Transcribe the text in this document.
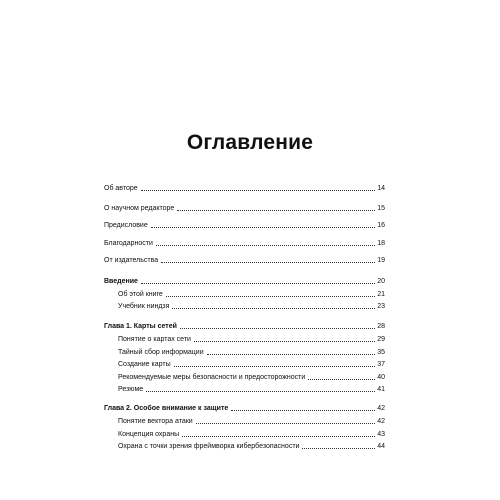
Оглавление
Об авторе	14
О научном редакторе	15
Предисловие	16
Благодарности	18
От издательства	19
Введение	20
Об этой книге	21
Учебник ниндзя	23
Глава 1. Карты сетей	28
Понятие о картах сети	29
Тайный сбор информации	35
Создание карты	37
Рекомендуемые меры безопасности и предосторожности	40
Резюме	41
Глава 2. Особое внимание к защите	42
Понятие вектора атаки	42
Концепция охраны	43
Охрана с точки зрения фреймворка кибербезопасности	44
